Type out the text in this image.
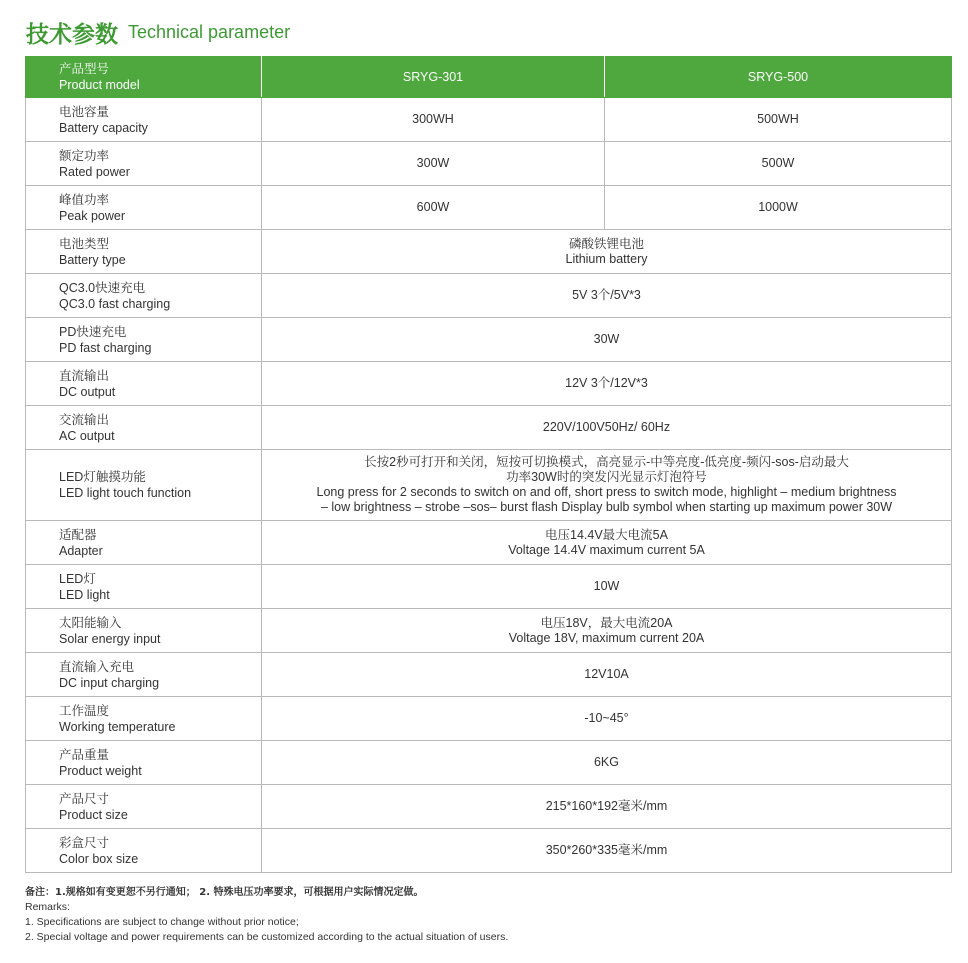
技术参数 Technical parameter
产品型号
Product model	SRYG-301	SRYG-500

电池容量
Battery capacity	300WH	500WH

额定功率
Rated power	300W	500W

峰值功率
Peak power	600W	1000W

电池类型
Battery type	磷酸铁锂电池
Lithium battery	

QC3.0快速充电
QC3.0 fast charging	5V 3个/5V*3	

PD快速充电
PD fast charging	30W	

直流输出
DC output	12V 3个/12V*3	

交流输出
AC output	220V/100V50Hz/ 60Hz	

LED灯触摸功能
LED light touch function	长按2秒可打开和关闭，短按可切换模式，高亮显示-中等亮度-低亮度-频闪-sos-启动最大
功率30W时的突发闪光显示灯泡符号
Long press for 2 seconds to switch on and off, short press to switch mode, highlight – medium brightness
– low brightness – strobe –sos– burst flash Display bulb symbol when starting up maximum power 30W	

适配器
Adapter	电压14.4V最大电流5A
Voltage 14.4V maximum current 5A	

LED灯
LED light	10W	

太阳能输入
Solar energy input	电压18V，最大电流20A
Voltage 18V, maximum current 20A	

直流输入充电
DC input charging	12V10A	

工作温度
Working temperature	-10~45°	

产品重量
Product weight	6KG	

产品尺寸
Product size	215*160*192毫米/mm	

彩盒尺寸
Color box size	350*260*335毫米/mm	
备注：1.规格如有变更恕不另行通知； 2. 特殊电压功率要求，可根据用户实际情况定做。
Remarks:
1. Specifications are subject to change without prior notice;
2. Special voltage and power requirements can be customized according to the actual situation of users.
